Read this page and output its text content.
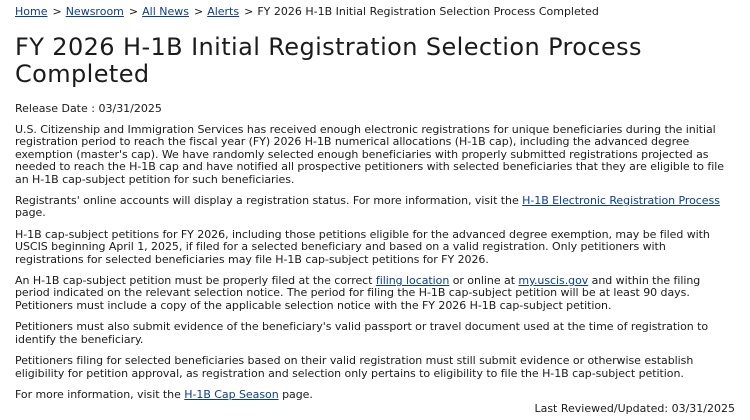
Home > Newsroom > All News > Alerts > FY 2026 H-1B Initial Registration Selection Process Completed
FY 2026 H-1B Initial Registration Selection Process Completed
Release Date : 03/31/2025

U.S. Citizenship and Immigration Services has received enough electronic registrations for unique beneficiaries during the initial registration period to reach the fiscal year (FY) 2026 H-1B numerical allocations (H-1B cap), including the advanced degree exemption (master's cap). We have randomly selected enough beneficiaries with properly submitted registrations projected as needed to reach the H-1B cap and have notified all prospective petitioners with selected beneficiaries that they are eligible to file an H-1B cap-subject petition for such beneficiaries.

Registrants' online accounts will display a registration status. For more information, visit the H-1B Electronic Registration Process page.

H-1B cap-subject petitions for FY 2026, including those petitions eligible for the advanced degree exemption, may be filed with USCIS beginning April 1, 2025, if filed for a selected beneficiary and based on a valid registration. Only petitioners with registrations for selected beneficiaries may file H-1B cap-subject petitions for FY 2026.

An H-1B cap-subject petition must be properly filed at the correct filing location or online at my.uscis.gov and within the filing period indicated on the relevant selection notice. The period for filing the H-1B cap-subject petition will be at least 90 days. Petitioners must include a copy of the applicable selection notice with the FY 2026 H-1B cap-subject petition.

Petitioners must also submit evidence of the beneficiary's valid passport or travel document used at the time of registration to identify the beneficiary.

Petitioners filing for selected beneficiaries based on their valid registration must still submit evidence or otherwise establish eligibility for petition approval, as registration and selection only pertains to eligibility to file the H-1B cap-subject petition.

For more information, visit the H-1B Cap Season page.

Last Reviewed/Updated: 03/31/2025
